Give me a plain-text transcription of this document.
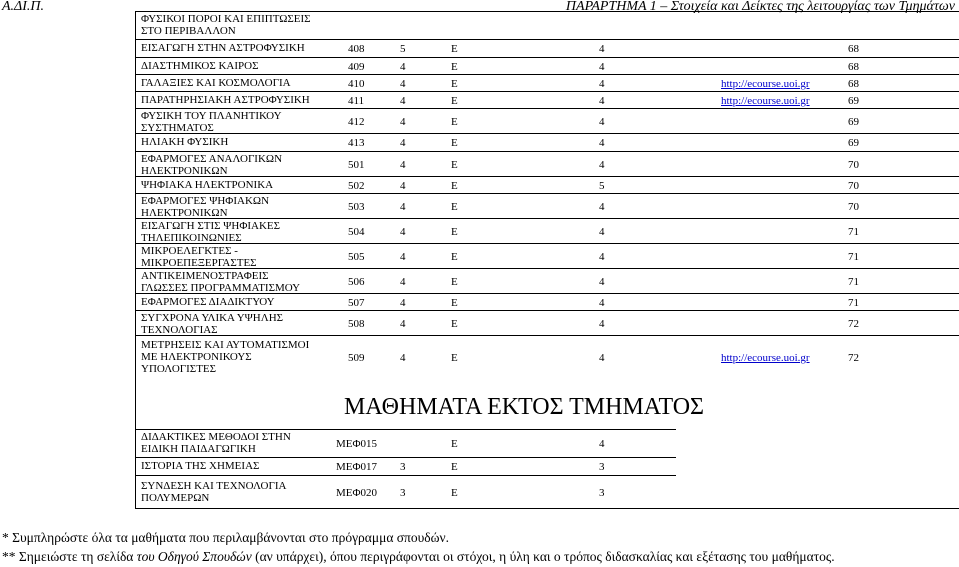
Α.ΔΙ.Π.	ΠΑΡΑΡΤΗΜΑ 1 – Στοιχεία και Δείκτες της λειτουργίας των Τμημάτων
ΦΥΣΙΚΟΙ ΠΟΡΟΙ ΚΑΙ ΕΠΙΠΤΩΣΕΙΣ
ΣΤΟ ΠΕΡΙΒΑΛΛΟΝ
ΕΙΣΑΓΩΓΗ ΣΤΗΝ ΑΣΤΡΟΦΥΣΙΚΗ	408	5	Ε	4	68
ΔΙΑΣΤΗΜΙΚΟΣ ΚΑΙΡΟΣ	409	4	Ε	4	68
ΓΑΛΑΞΙΕΣ ΚΑΙ ΚΟΣΜΟΛΟΓΙΑ	410	4	Ε	4	http://ecourse.uoi.gr	68
ΠΑΡΑΤΗΡΗΣΙΑΚΗ ΑΣΤΡΟΦΥΣΙΚΗ	411	4	Ε	4	http://ecourse.uoi.gr	69
ΦΥΣΙΚΗ ΤΟΥ ΠΛΑΝΗΤΙΚΟΥ
ΣΥΣΤΗΜΑΤΟΣ	412	4	Ε	4	69
ΗΛΙΑΚΗ ΦΥΣΙΚΗ	413	4	Ε	4	69
ΕΦΑΡΜΟΓΕΣ ΑΝΑΛΟΓΙΚΩΝ
ΗΛΕΚΤΡΟΝΙΚΩΝ	501	4	Ε	4	70
ΨΗΦΙΑΚΑ ΗΛΕΚΤΡΟΝΙΚΑ	502	4	Ε	5	70
ΕΦΑΡΜΟΓΕΣ ΨΗΦΙΑΚΩΝ
ΗΛΕΚΤΡΟΝΙΚΩΝ	503	4	Ε	4	70
ΕΙΣΑΓΩΓΗ ΣΤΙΣ ΨΗΦΙΑΚΕΣ
ΤΗΛΕΠΙΚΟΙΝΩΝΙΕΣ	504	4	Ε	4	71
ΜΙΚΡΟΕΛΕΓΚΤΕΣ -
ΜΙΚΡΟΕΠΕΞΕΡΓΑΣΤΕΣ	505	4	Ε	4	71
ΑΝΤΙΚΕΙΜΕΝΟΣΤΡΑΦΕΙΣ
ΓΛΩΣΣΕΣ ΠΡΟΓΡΑΜΜΑΤΙΣΜΟΥ	506	4	Ε	4	71
ΕΦΑΡΜΟΓΕΣ ΔΙΑΔΙΚΤΥΟΥ	507	4	Ε	4	71
ΣΥΓΧΡΟΝΑ ΥΛΙΚΑ ΥΨΗΛΗΣ
ΤΕΧΝΟΛΟΓΙΑΣ	508	4	Ε	4	72
ΜΕΤΡΗΣΕΙΣ ΚΑΙ ΑΥΤΟΜΑΤΙΣΜΟΙ
ΜΕ ΗΛΕΚΤΡΟΝΙΚΟΥΣ
ΥΠΟΛΟΓΙΣΤΕΣ
509	4	Ε	4	http://ecourse.uoi.gr	72
ΜΑΘΗΜΑΤΑ ΕΚΤΟΣ ΤΜΗΜΑΤΟΣ
ΔΙΔΑΚΤΙΚΕΣ ΜΕΘΟΔΟΙ ΣΤΗΝ
ΕΙΔΙΚΗ ΠΑΙΔΑΓΩΓΙΚΗ	ΜΕΦ015	Ε	4
ΙΣΤΟΡΙΑ ΤΗΣ ΧΗΜΕΙΑΣ	ΜΕΦ017 3	Ε	3
ΣΥΝΔΕΣΗ ΚΑΙ ΤΕΧΝΟΛΟΓΙΑ
ΠΟΛΥΜΕΡΩΝ	ΜΕΦ020 3	Ε	3
* Συμπληρώστε όλα τα μαθήματα που περιλαμβάνονται στο πρόγραμμα σπουδών.
** Σημειώστε τη σελίδα του Οδηγού Σπουδών (αν υπάρχει), όπου περιγράφονται οι στόχοι, η ύλη και ο τρόπος διδασκαλίας και εξέτασης του μαθήματος.
